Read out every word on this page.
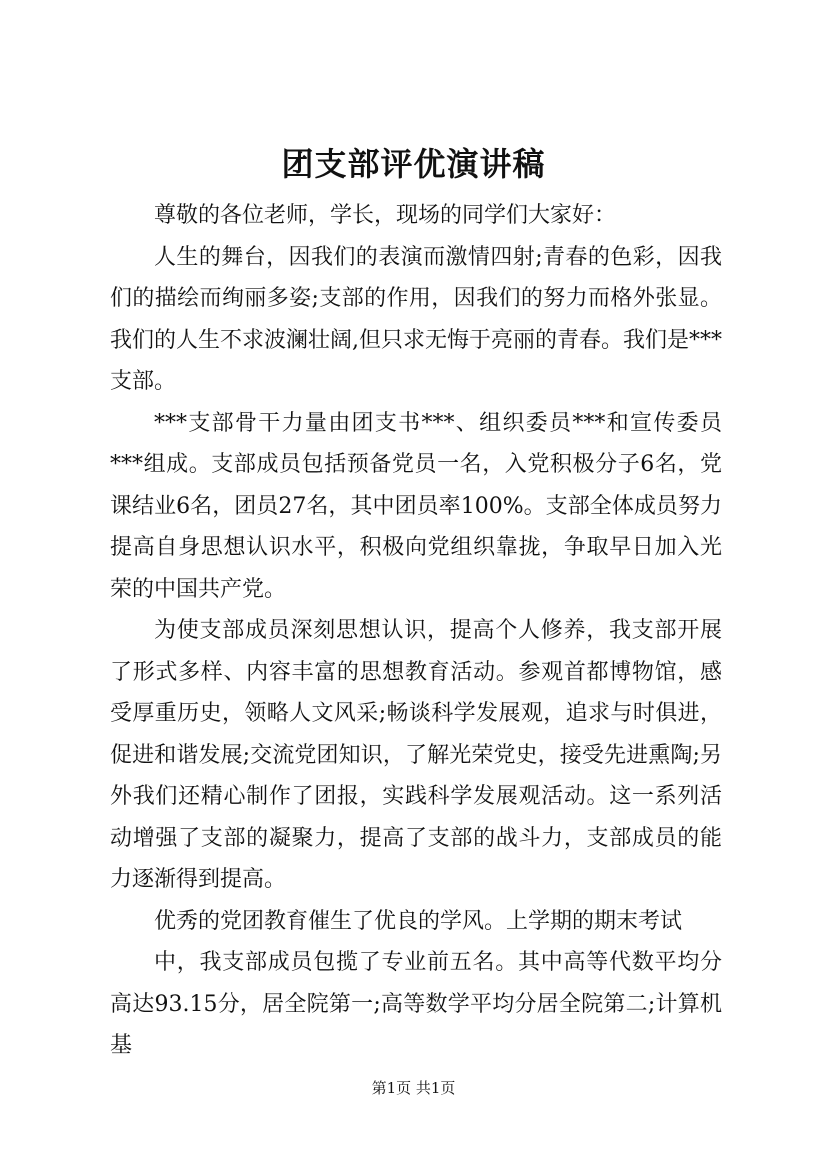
团支部评优演讲稿

尊敬的各位老师，学长，现场的同学们大家好：

人生的舞台，因我们的表演而激情四射;青春的色彩，因我们的描绘而绚丽多姿;支部的作用，因我们的努力而格外张显。我们的人生不求波澜壮阔,但只求无悔于亮丽的青春。我们是***支部。

***支部骨干力量由团支书***、组织委员***和宣传委员***组成。支部成员包括预备党员一名，入党积极分子6名，党课结业6名，团员27名，其中团员率100%。支部全体成员努力提高自身思想认识水平，积极向党组织靠拢，争取早日加入光荣的中国共产党。

为使支部成员深刻思想认识，提高个人修养，我支部开展了形式多样、内容丰富的思想教育活动。参观首都博物馆，感受厚重历史，领略人文风采;畅谈科学发展观，追求与时俱进，促进和谐发展;交流党团知识，了解光荣党史，接受先进熏陶;另外我们还精心制作了团报，实践科学发展观活动。这一系列活动增强了支部的凝聚力，提高了支部的战斗力，支部成员的能力逐渐得到提高。

优秀的党团教育催生了优良的学风。上学期的期末考试

中，我支部成员包揽了专业前五名。其中高等代数平均分高达93.15分，居全院第一;高等数学平均分居全院第二;计算机基

第1页 共1页
